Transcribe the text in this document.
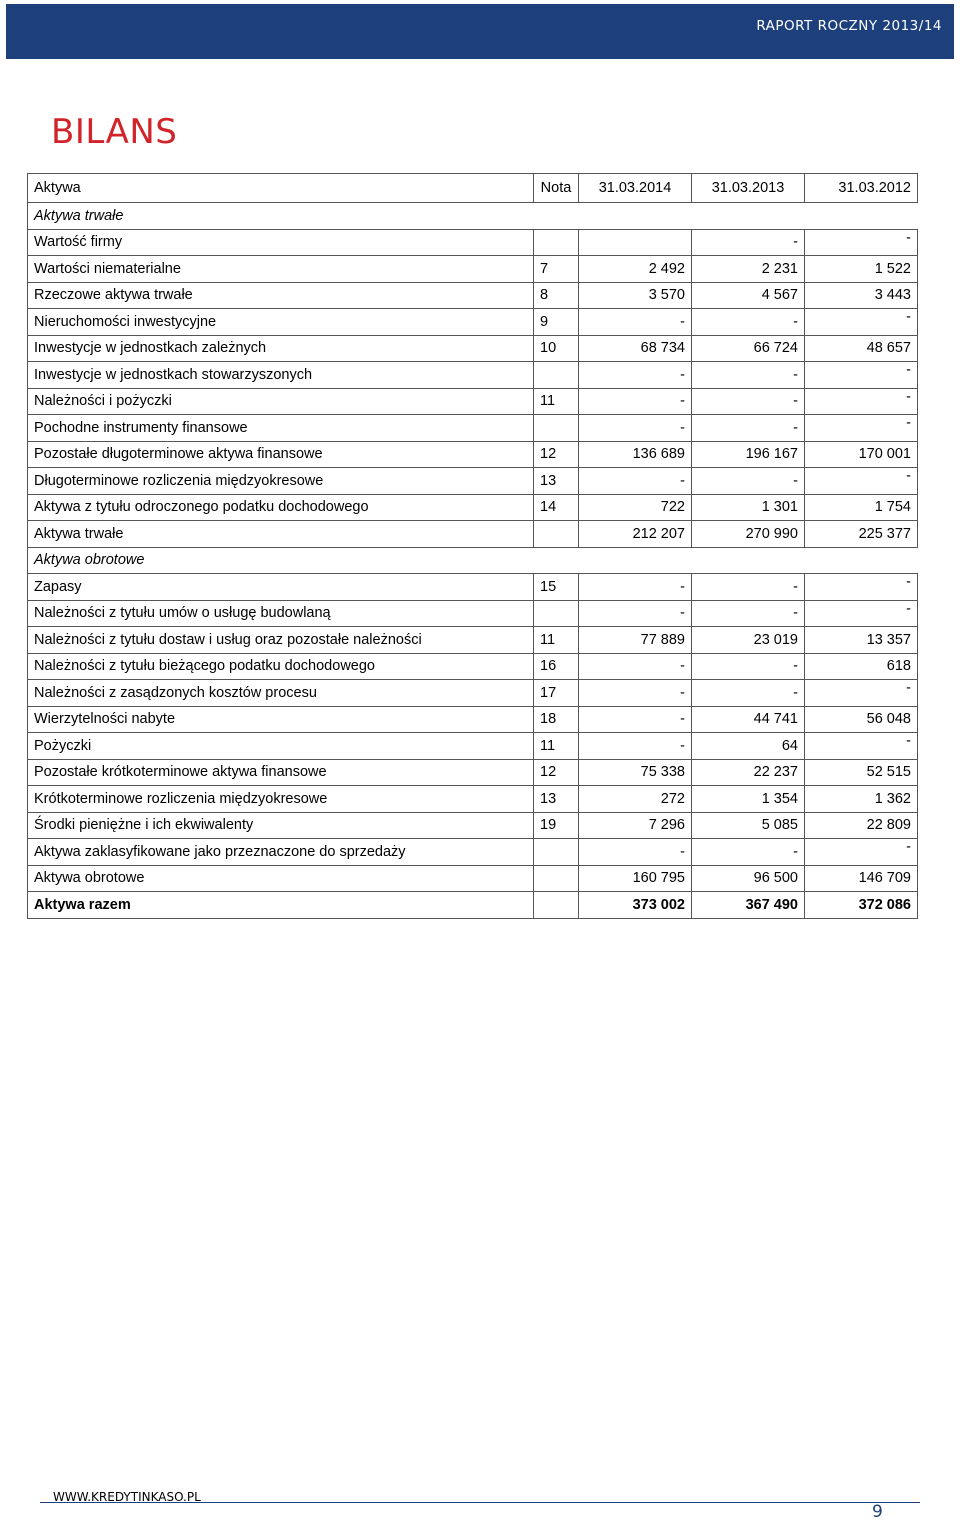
RAPORT ROCZNY 2013/14
BILANS
Aktywa	Nota	31.03.2014	31.03.2013	31.03.2012
Aktywa trwałe				
Wartość firmy			-	-
Wartości niematerialne	7	2 492	2 231	1 522
Rzeczowe aktywa trwałe	8	3 570	4 567	3 443
Nieruchomości inwestycyjne	9	-	-	-
Inwestycje w jednostkach zależnych	10	68 734	66 724	48 657
Inwestycje w jednostkach stowarzyszonych		-	-	-
Należności i pożyczki	11	-	-	-
Pochodne instrumenty finansowe		-	-	-
Pozostałe długoterminowe aktywa finansowe	12	136 689	196 167	170 001
Długoterminowe rozliczenia międzyokresowe	13	-	-	-
Aktywa z tytułu odroczonego podatku dochodowego	14	722	1 301	1 754
Aktywa trwałe		212 207	270 990	225 377
Aktywa obrotowe				
Zapasy	15	-	-	-
Należności z tytułu umów o usługę budowlaną		-	-	-
Należności z tytułu dostaw i usług oraz pozostałe należności	11	77 889	23 019	13 357
Należności z tytułu bieżącego podatku dochodowego	16	-	-	618
Należności z zasądzonych kosztów procesu	17	-	-	-
Wierzytelności nabyte	18	-	44 741	56 048
Pożyczki	11	-	64	-
Pozostałe krótkoterminowe aktywa finansowe	12	75 338	22 237	52 515
Krótkoterminowe rozliczenia międzyokresowe	13	272	1 354	1 362
Środki pieniężne i ich ekwiwalenty	19	7 296	5 085	22 809
Aktywa zaklasyfikowane jako przeznaczone do sprzedaży		-	-	-
Aktywa obrotowe		160 795	96 500	146 709
Aktywa razem		373 002	367 490	372 086
WWW.KREDYTINKASO.PL
9
